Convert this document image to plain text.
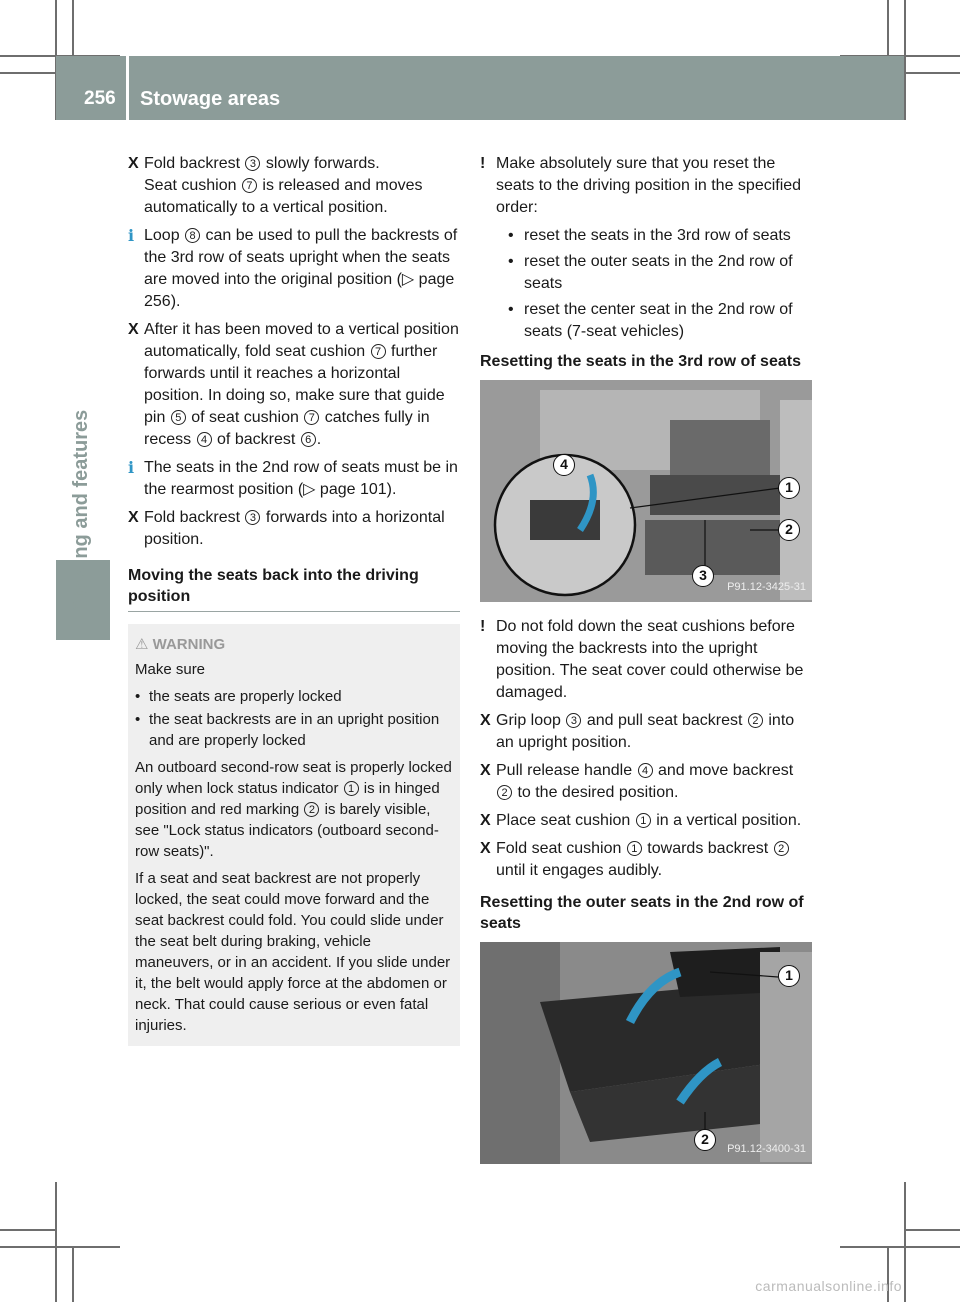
256	Stowage areas
Stowing and features
X Fold backrest 3 slowly forwards.
Seat cushion 7 is released and moves automatically to a vertical position.

i Loop 8 can be used to pull the backrests of the 3rd row of seats upright when the seats are moved into the original position (▷ page 256).

X After it has been moved to a vertical position automatically, fold seat cushion 7 further forwards until it reaches a horizontal position. In doing so, make sure that guide pin 5 of seat cushion 7 catches fully in recess 4 of backrest 6 .

i The seats in the 2nd row of seats must be in the rearmost position (▷ page 101).

X Fold backrest 3 forwards into a horizontal position.

Moving the seats back into the driving position
⚠ WARNING

Make sure

• the seats are properly locked
• the seat backrests are in an upright position and are properly locked

An outboard second-row seat is properly locked only when lock status indicator 1 is in hinged position and red marking 2 is barely visible, see "Lock status indicators (outboard second-row seats)".

If a seat and seat backrest are not properly locked, the seat could move forward and the seat backrest could fold. You could slide under the seat belt during braking, vehicle maneuvers, or in an accident. If you slide under it, the belt would apply force at the abdomen or neck. That could cause serious or even fatal injuries.

! Make absolutely sure that you reset the seats to the driving position in the specified order:

• reset the seats in the 3rd row of seats
• reset the outer seats in the 2nd row of seats
• reset the center seat in the 2nd row of seats (7-seat vehicles)
Resetting the seats in the 3rd row of seats
4
1
2
3
P91.12-3425-31
! Do not fold down the seat cushions before moving the backrests into the upright position. The seat cover could otherwise be damaged.

X Grip loop 3 and pull seat backrest 2 into an upright position.

X Pull release handle 4 and move backrest 2 to the desired position.

X Place seat cushion 1 in a vertical position.

X Fold seat cushion 1 towards backrest 2 until it engages audibly.

Resetting the outer seats in the 2nd row of seats
1
2
P91.12-3400-31
carmanualsonline.info
